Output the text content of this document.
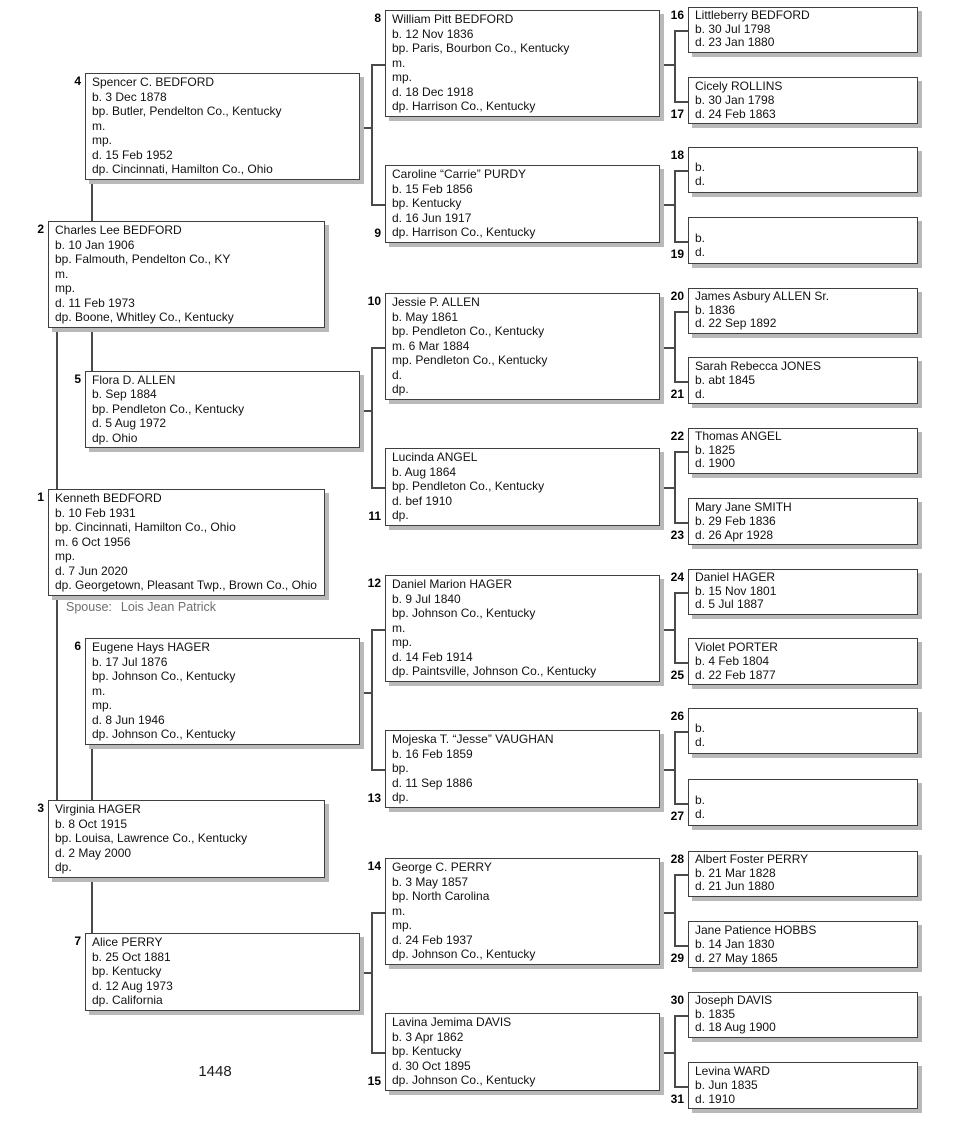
Kenneth BEDFORD
b. 10 Feb 1931
bp. Cincinnati, Hamilton Co., Ohio
m. 6 Oct 1956
mp.
d. 7 Jun 2020
dp. Georgetown, Pleasant Twp., Brown Co., Ohio
1
Charles Lee BEDFORD
b. 10 Jan 1906
bp. Falmouth, Pendelton Co., KY
m.
mp.
d. 11 Feb 1973
dp. Boone, Whitley Co., Kentucky
2
Virginia HAGER
b. 8 Oct 1915
bp. Louisa, Lawrence Co., Kentucky
d. 2 May 2000
dp.
3
Spencer C. BEDFORD
b. 3 Dec 1878
bp. Butler, Pendelton Co., Kentucky
m.
mp.
d. 15 Feb 1952
dp. Cincinnati, Hamilton Co., Ohio
4
Flora D. ALLEN
b. Sep 1884
bp. Pendleton Co., Kentucky
d. 5 Aug 1972
dp. Ohio
5
Eugene Hays HAGER
b. 17 Jul 1876
bp. Johnson Co., Kentucky
m.
mp.
d. 8 Jun 1946
dp. Johnson Co., Kentucky
6
Alice PERRY
b. 25 Oct 1881
bp. Kentucky
d. 12 Aug 1973
dp. California
7
William Pitt BEDFORD
b. 12 Nov 1836
bp. Paris, Bourbon Co., Kentucky
m.
mp.
d. 18 Dec 1918
dp. Harrison Co., Kentucky
8
Caroline “Carrie” PURDY
b. 15 Feb 1856
bp. Kentucky
d. 16 Jun 1917
dp. Harrison Co., Kentucky
9
Jessie P. ALLEN
b. May 1861
bp. Pendleton Co., Kentucky
m. 6 Mar 1884
mp. Pendleton Co., Kentucky
d.
dp.
10
Lucinda ANGEL
b. Aug 1864
bp. Pendleton Co., Kentucky
d. bef 1910
dp.
11
Daniel Marion HAGER
b. 9 Jul 1840
bp. Johnson Co., Kentucky
m.
mp.
d. 14 Feb 1914
dp. Paintsville, Johnson Co., Kentucky
12
Mojeska T. “Jesse” VAUGHAN
b. 16 Feb 1859
bp.
d. 11 Sep 1886
dp.
13
George C. PERRY
b. 3 May 1857
bp. North Carolina
m.
mp.
d. 24 Feb 1937
dp. Johnson Co., Kentucky
14
Lavina Jemima DAVIS
b. 3 Apr 1862
bp. Kentucky
d. 30 Oct 1895
dp. Johnson Co., Kentucky
15
Littleberry BEDFORD
b. 30 Jul 1798
d. 23 Jan 1880
16
Cicely ROLLINS
b. 30 Jan 1798
d. 24 Feb 1863
17
b.
d.
18
b.
d.
19
James Asbury ALLEN Sr.
b. 1836
d. 22 Sep 1892
20
Sarah Rebecca JONES
b. abt 1845
d.
21
Thomas ANGEL
b. 1825
d. 1900
22
Mary Jane SMITH
b. 29 Feb 1836
d. 26 Apr 1928
23
Daniel HAGER
b. 15 Nov 1801
d. 5 Jul 1887
24
Violet PORTER
b. 4 Feb 1804
d. 22 Feb 1877
25
b.
d.
26
b.
d.
27
Albert Foster PERRY
b. 21 Mar 1828
d. 21 Jun 1880
28
Jane Patience HOBBS
b. 14 Jan 1830
d. 27 May 1865
29
Joseph DAVIS
b. 1835
d. 18 Aug 1900
30
Levina WARD
b. Jun 1835
d. 1910
31
Spouse: Lois Jean Patrick
1448
